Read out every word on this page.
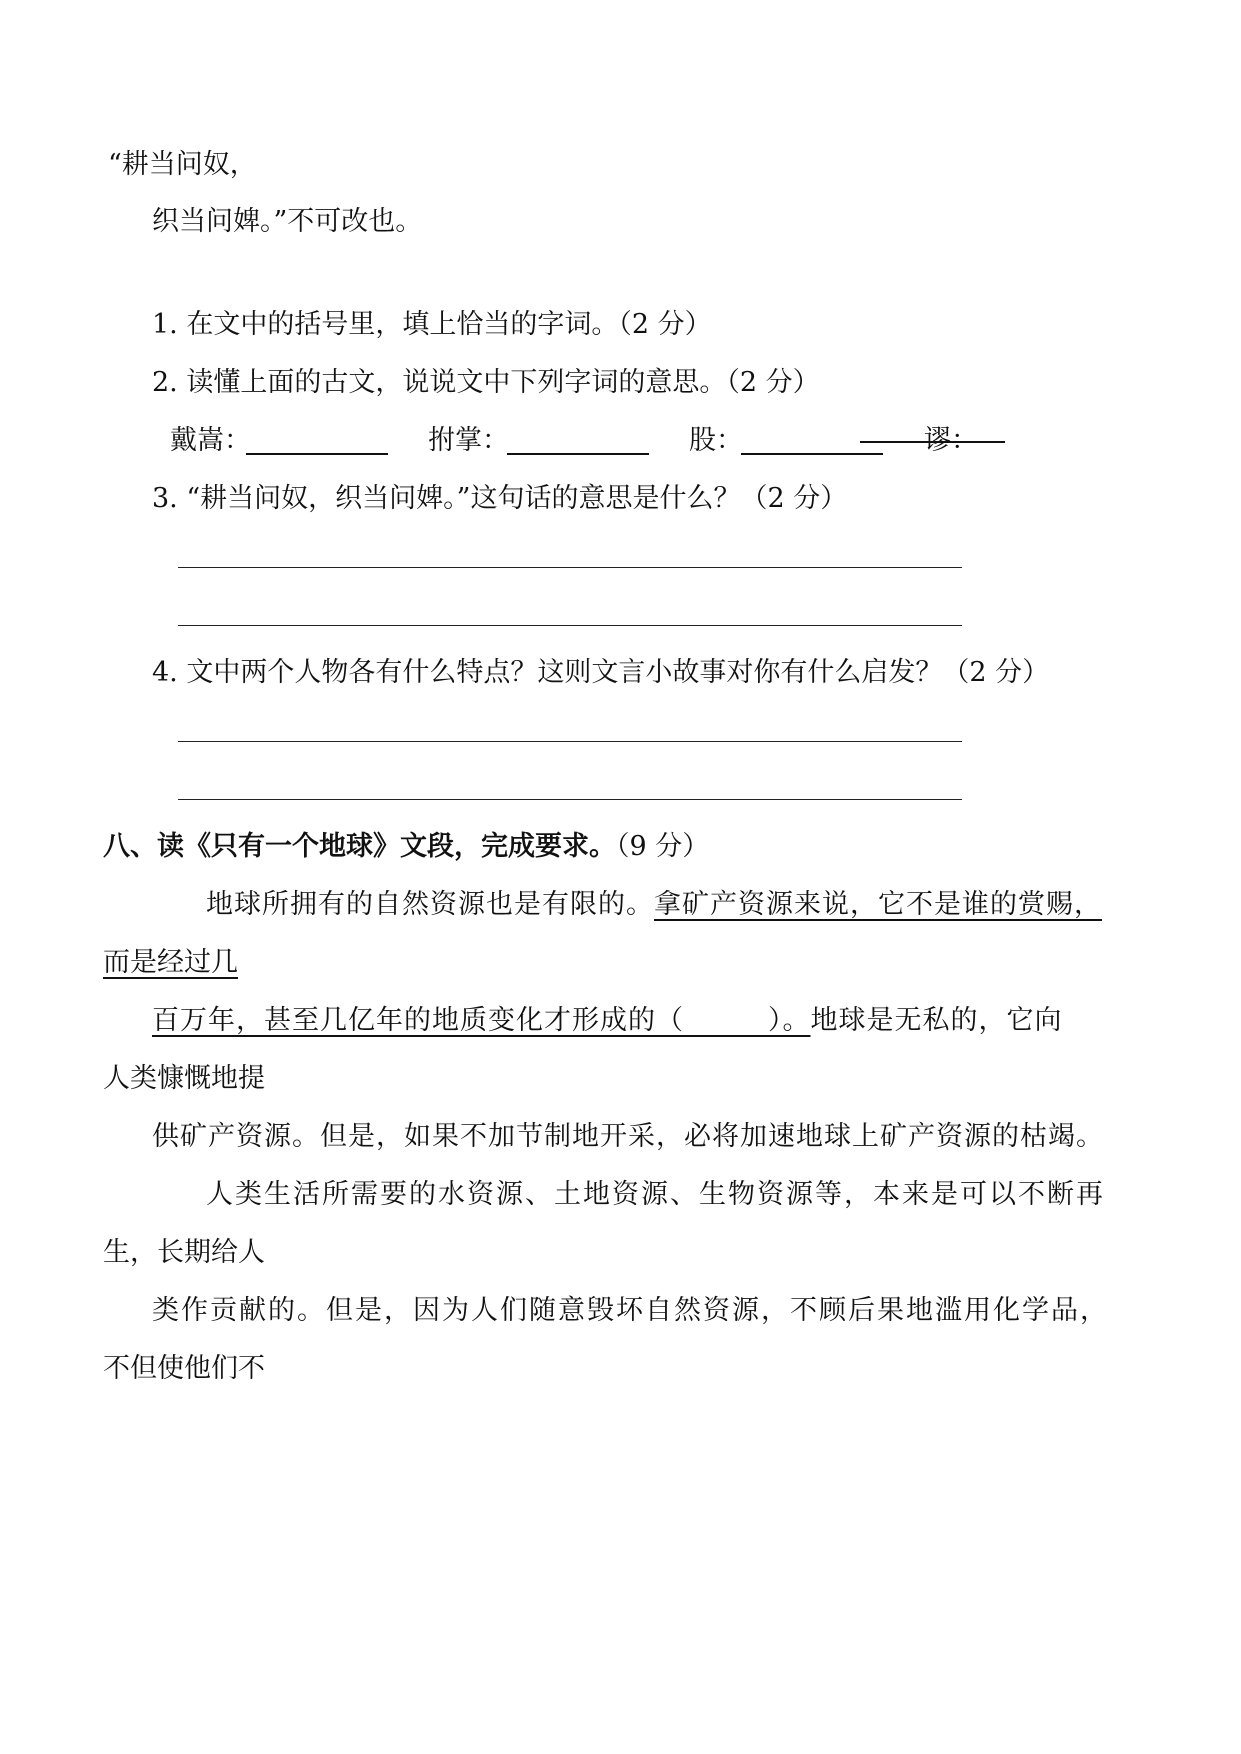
“耕当问奴，
织当问婢。”不可改也。
1. 在文中的括号里，填上恰当的字词。（2 分）
2. 读懂上面的古文，说说文中下列字词的意思。（2 分）
戴嵩：	拊掌：	股：	谬：
3. “耕当问奴，织当问婢。”这句话的意思是什么？（2 分）
4. 文中两个人物各有什么特点？这则文言小故事对你有什么启发？（2 分）
八、读《只有一个地球》文段，完成要求。（9 分）
地球所拥有的自然资源也是有限的。拿矿产资源来说，它不是谁的赏赐，
而是经过几
百万年，甚至几亿年的地质变化才形成的（　　　）。地球是无私的，它向
人类慷慨地提
供矿产资源。但是，如果不加节制地开采，必将加速地球上矿产资源的枯竭。
人类生活所需要的水资源、土地资源、生物资源等，本来是可以不断再
生，长期给人
类作贡献的。但是，因为人们随意毁坏自然资源，不顾后果地滥用化学品，
不但使他们不
